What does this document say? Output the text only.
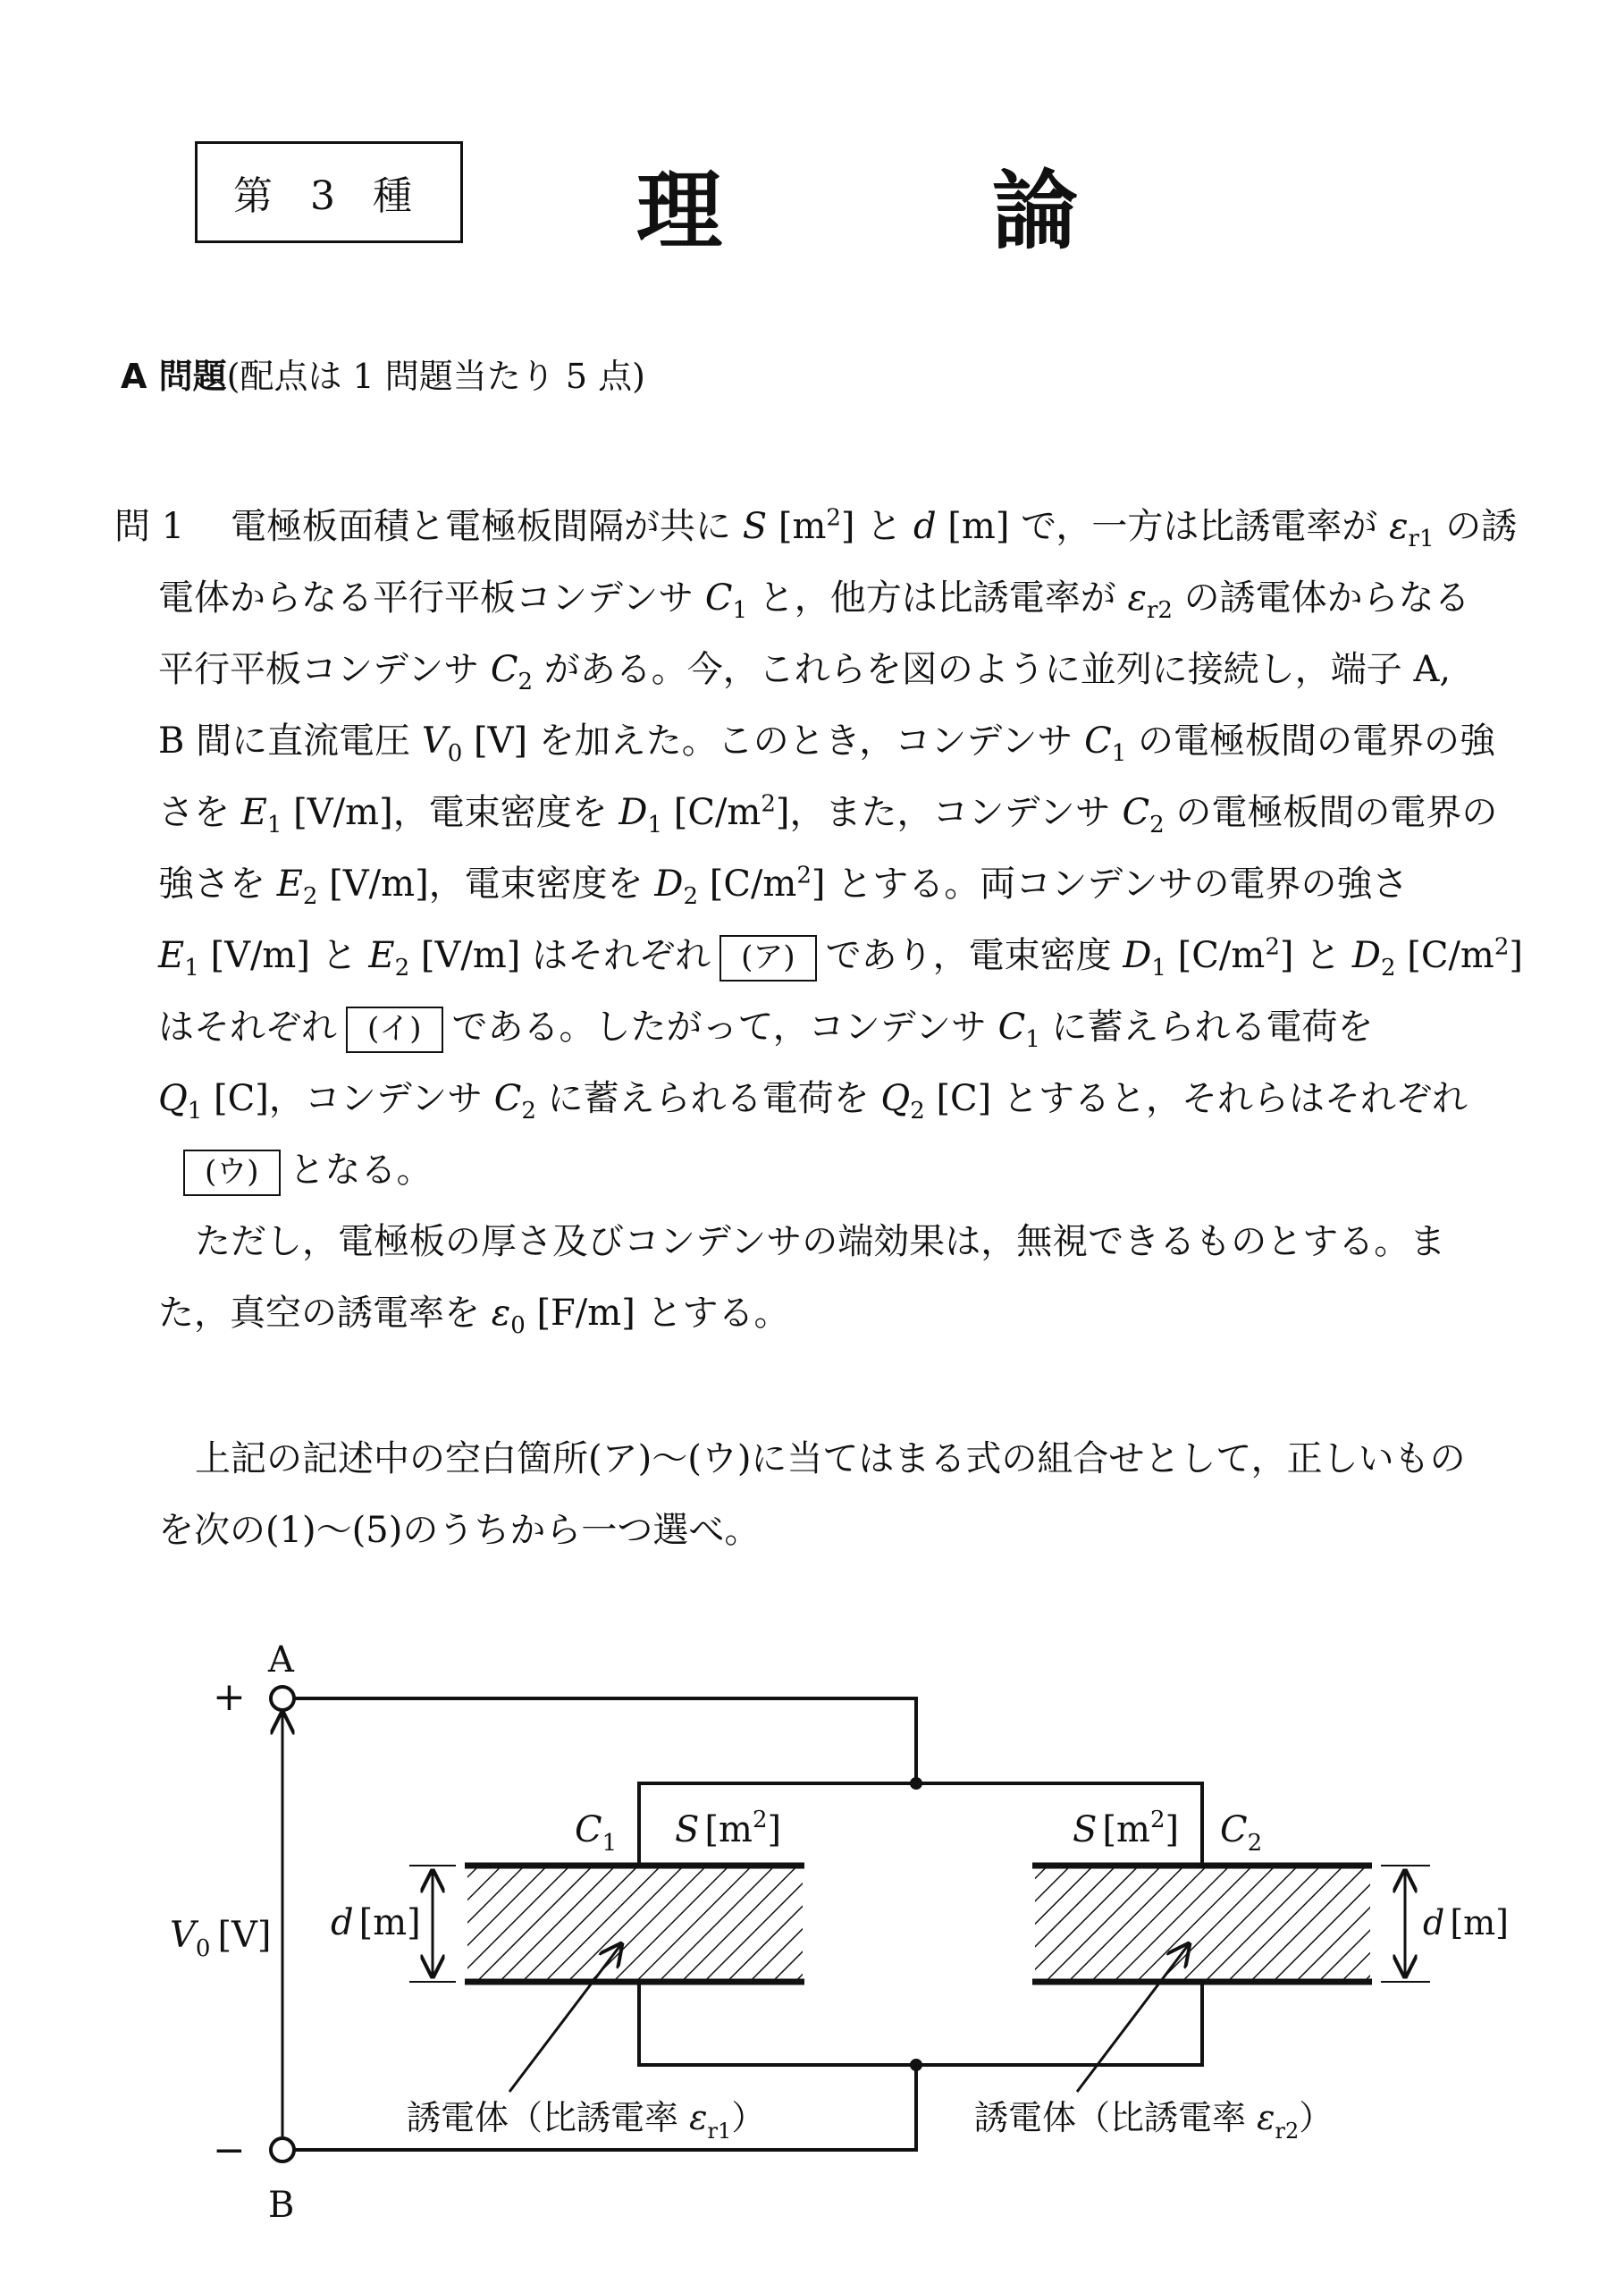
第 3 種 理	論
A 問題(配点は 1 問題当たり 5 点)
問 1 電極板面積と電極板間隔が共に S $[m^2]$ と d [m] で，一方は比誘電率が $\varepsilon_{r1}$ の誘
電体からなる平行平板コンデンサ $C_1$ と，他方は比誘電率が $\varepsilon_{r2}$ の誘電体からなる
平行平板コンデンサ $C_2$ がある。今，これらを図のように並列に接続し，端子 A,
B 間に直流電圧 $V_0$ [V] を加えた。このとき，コンデンサ $C_1$ の電極板間の電界の強
さを $E_1$ [V/m]，電束密度を $D_1$ $[C/m^2]$，また，コンデンサ $C_2$ の電極板間の電界の
強さを $E_2$ [V/m]，電束密度を $D_2$ $[C/m^2]$ とする。両コンデンサの電界の強さ
$E_1$ [V/m] と $E_2$ [V/m] はそれぞれ (ア) であり，電束密度 $D_1$ $[C/m^2]$ と $D_2$ $[C/m^2]$
はそれぞれ (イ) である。したがって，コンデンサ $C_1$ に蓄えられる電荷を
$Q_1$ [C]，コンデンサ $C_2$ に蓄えられる電荷を $Q_2$ [C] とすると，それらはそれぞれ
(ウ) となる。
ただし，電極板の厚さ及びコンデンサの端効果は，無視できるものとする。ま
た，真空の誘電率を $\varepsilon_0$ [F/m] とする。
上記の記述中の空白箇所(ア)～(ウ)に当てはまる式の組合せとして，正しいもの
を次の(1)～(5)のうちから一つ選べ。
A
B
+
−
$V_0$ [V]
$C_1$ S $[m^2]$
d [m]
$C_2$
S $[m^2]$
d [m]
誘電体（比誘電率 $\varepsilon_{r1}$）	誘電体（比誘電率 $\varepsilon_{r2}$）
